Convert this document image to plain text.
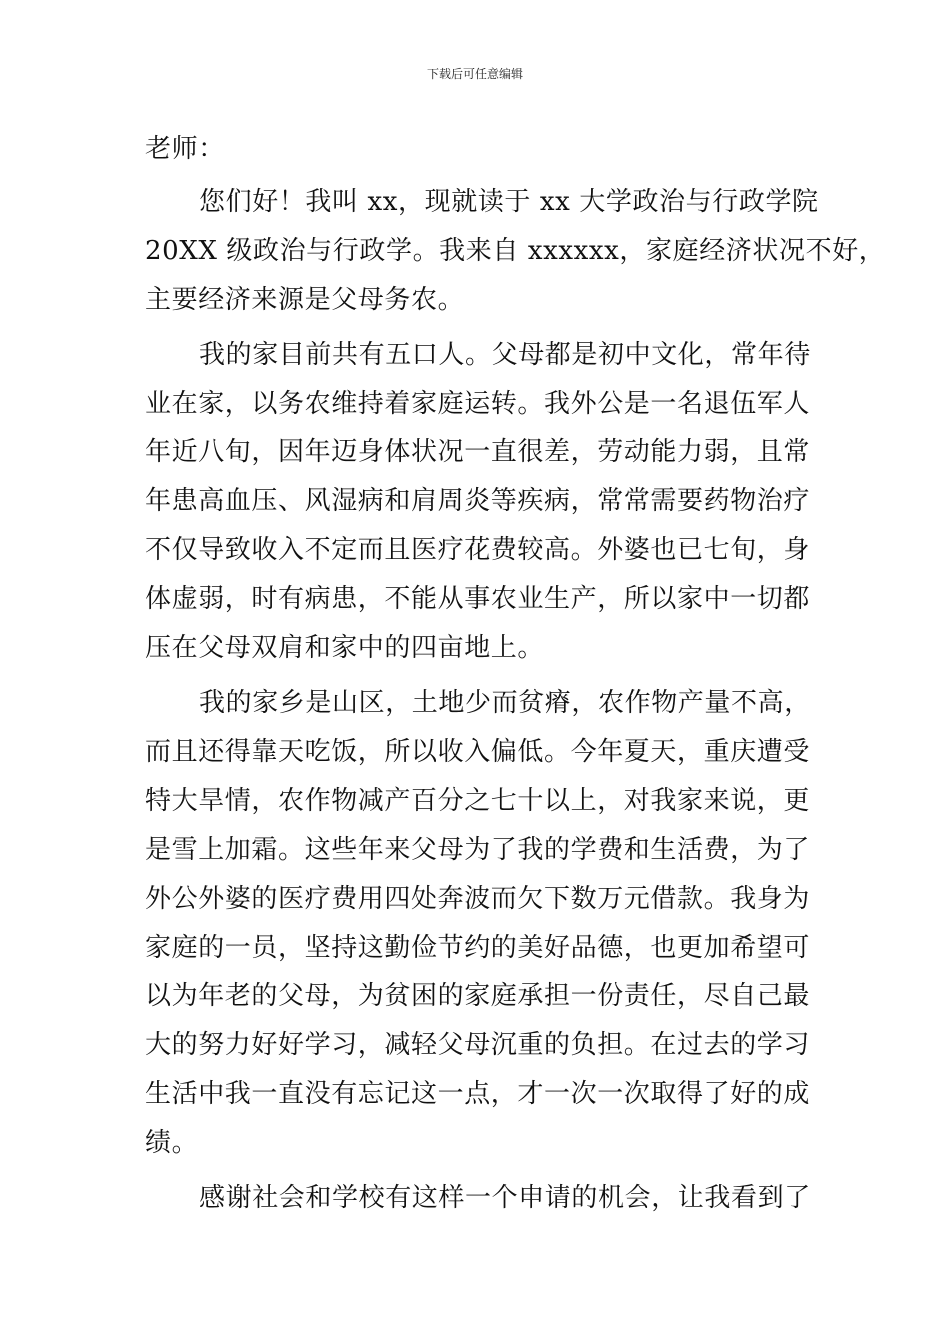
下载后可任意编辑

老师：

您们好！我叫 xx，现就读于 xx 大学政治与行政学院
20XX 级政治与行政学。我来自 xxxxxx，家庭经济状况不好，
主要经济来源是父母务农。

我的家目前共有五口人。父母都是初中文化，常年待
业在家，以务农维持着家庭运转。我外公是一名退伍军人
年近八旬，因年迈身体状况一直很差，劳动能力弱，且常
年患高血压、风湿病和肩周炎等疾病，常常需要药物治疗
不仅导致收入不定而且医疗花费较高。外婆也已七旬，身
体虚弱，时有病患，不能从事农业生产，所以家中一切都
压在父母双肩和家中的四亩地上。

我的家乡是山区，土地少而贫瘠，农作物产量不高，
而且还得靠天吃饭，所以收入偏低。今年夏天，重庆遭受
特大旱情，农作物减产百分之七十以上，对我家来说，更
是雪上加霜。这些年来父母为了我的学费和生活费，为了
外公外婆的医疗费用四处奔波而欠下数万元借款。我身为
家庭的一员，坚持这勤俭节约的美好品德，也更加希望可
以为年老的父母，为贫困的家庭承担一份责任，尽自己最
大的努力好好学习，减轻父母沉重的负担。在过去的学习
生活中我一直没有忘记这一点，才一次一次取得了好的成
绩。

感谢社会和学校有这样一个申请的机会，让我看到了
